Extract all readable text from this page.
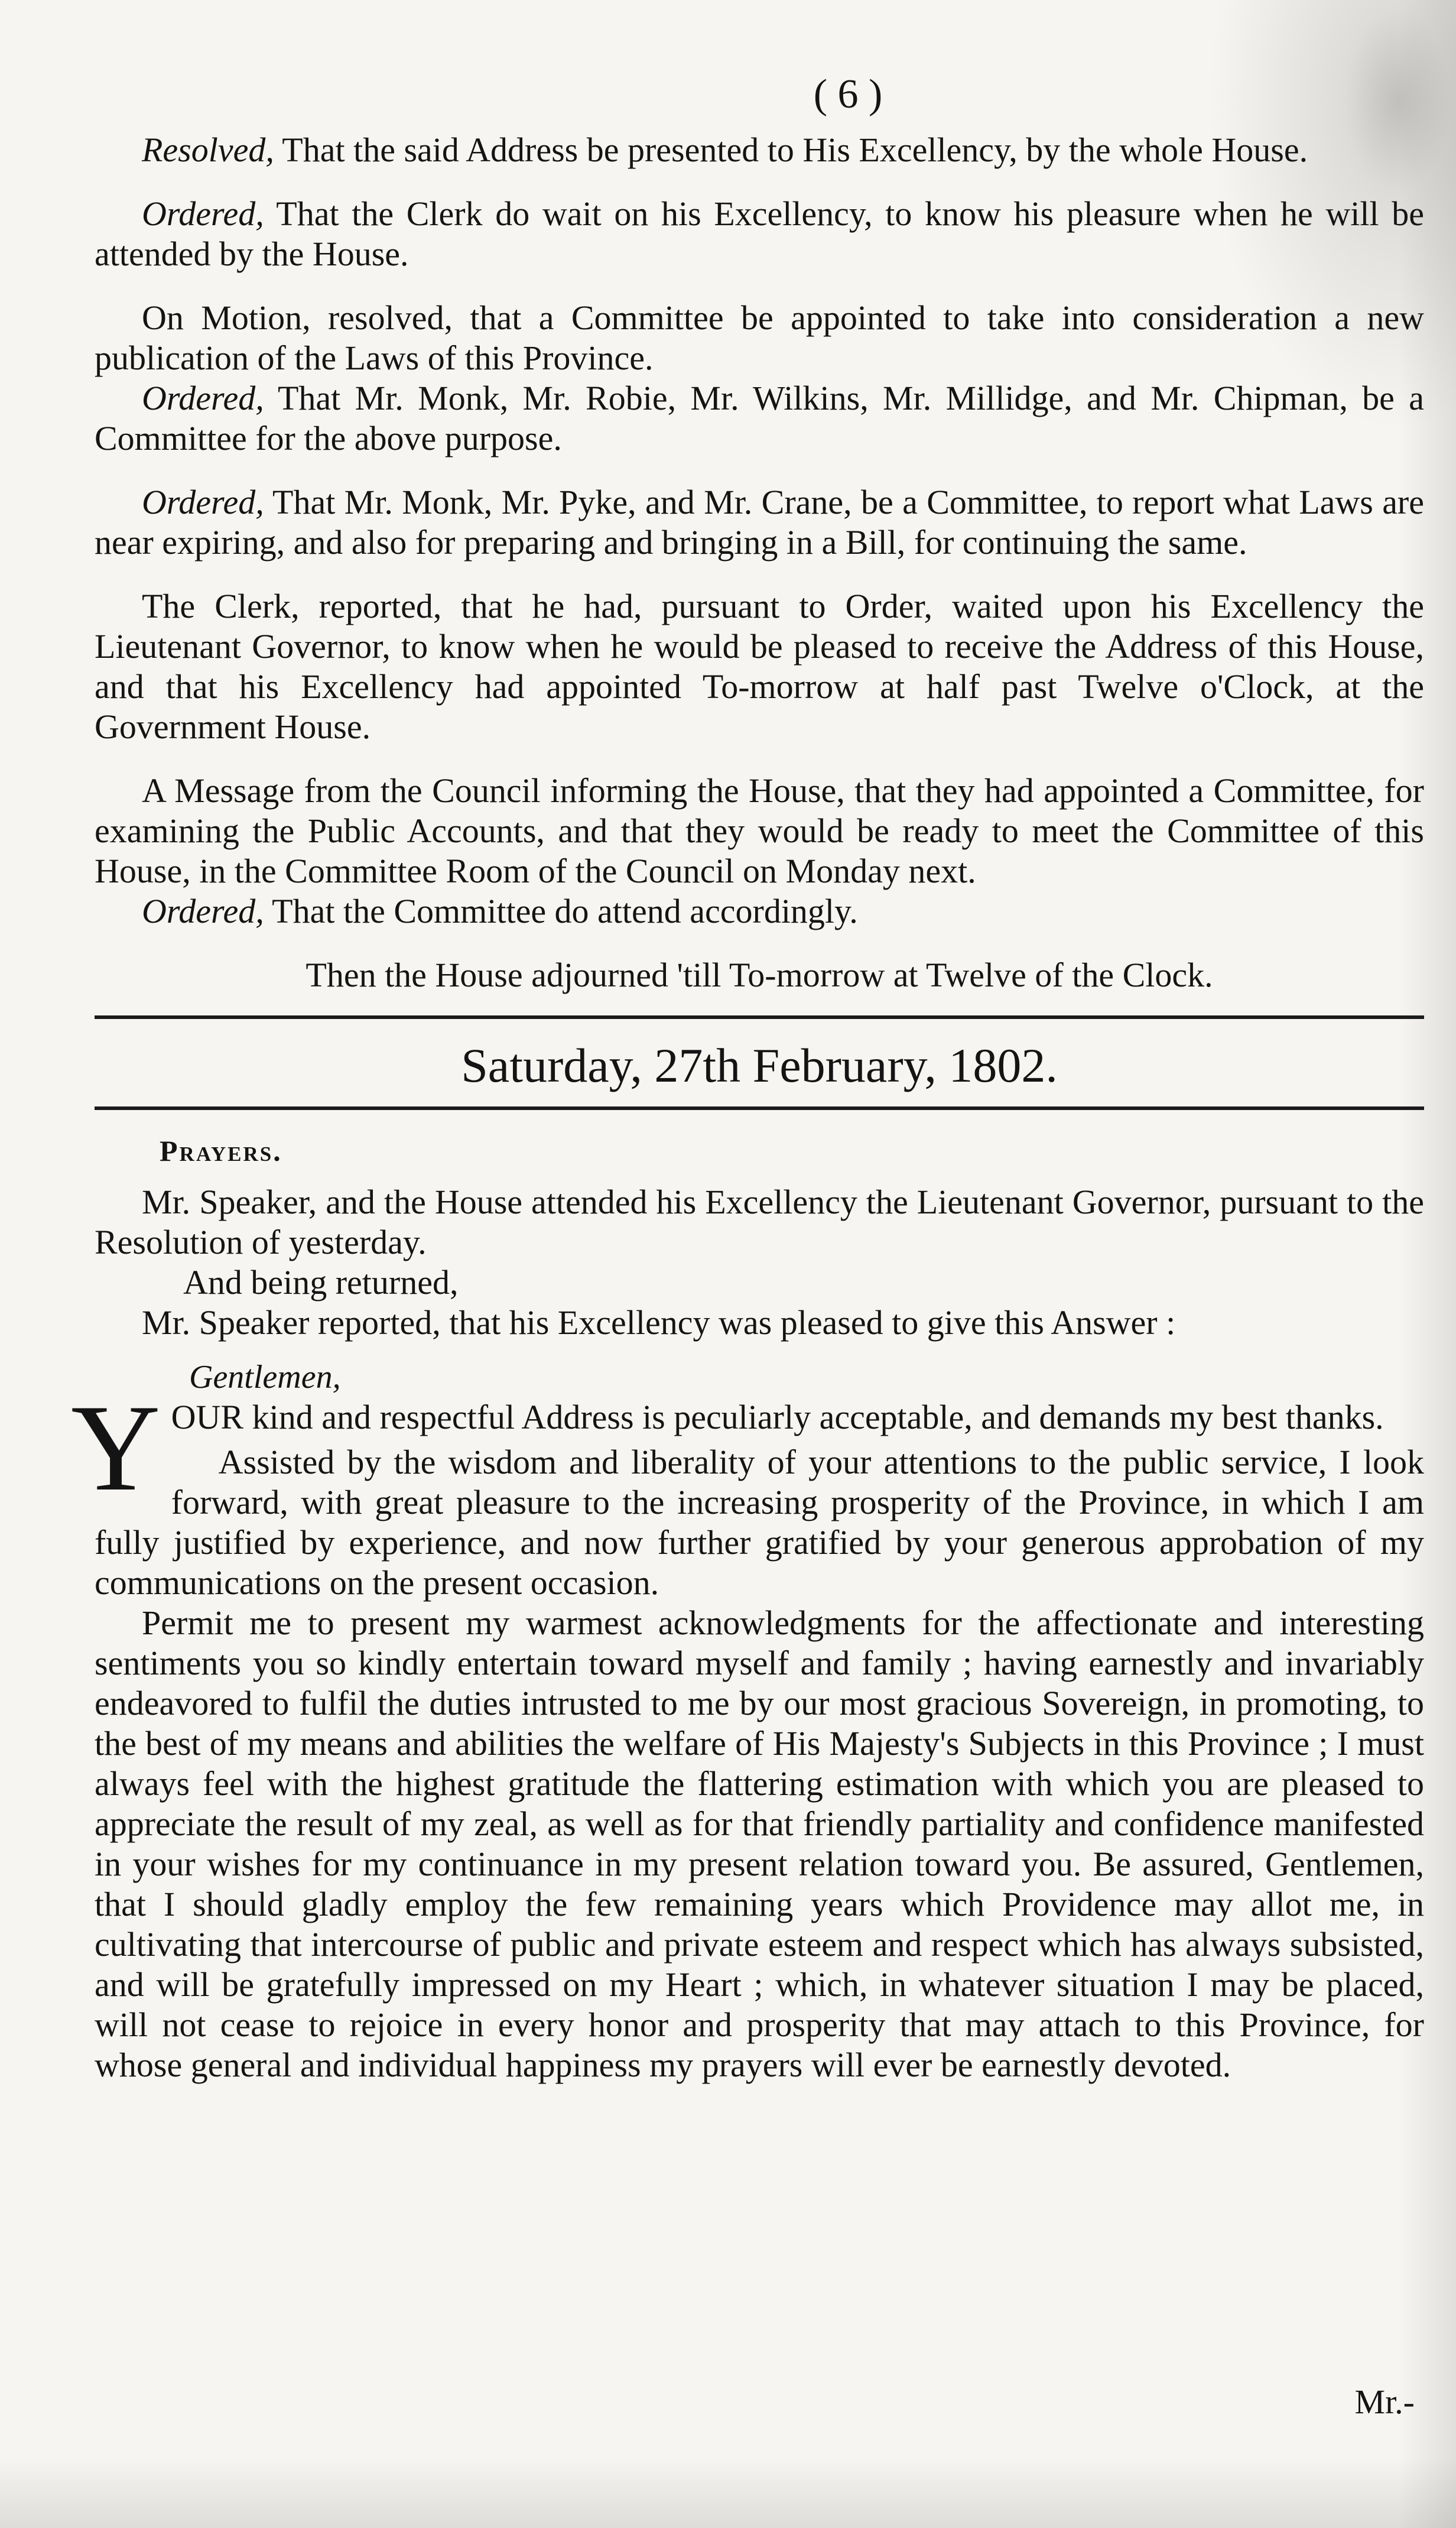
( 6 )

Resolved, That the said Address be presented to His Excellency, by the whole House.

Ordered, That the Clerk do wait on his Excellency, to know his pleasure when he will be attended by the House.

On Motion, resolved, that a Committee be appointed to take into consideration a new publication of the Laws of this Province.

Ordered, That Mr. Monk, Mr. Robie, Mr. Wilkins, Mr. Millidge, and Mr. Chipman, be a Committee for the above purpose.

Ordered, That Mr. Monk, Mr. Pyke, and Mr. Crane, be a Committee, to report what Laws are near expiring, and also for preparing and bringing in a Bill, for continuing the same.

The Clerk, reported, that he had, pursuant to Order, waited upon his Excellency the Lieutenant Governor, to know when he would be pleased to receive the Address of this House, and that his Excellency had appointed To-morrow at half past Twelve o'Clock, at the Government House.

A Message from the Council informing the House, that they had appointed a Committee, for examining the Public Accounts, and that they would be ready to meet the Committee of this House, in the Committee Room of the Council on Monday next.

Ordered, That the Committee do attend accordingly.

Then the House adjourned 'till To-morrow at Twelve of the Clock.
Saturday, 27th February, 1802.
Prayers.

Mr. Speaker, and the House attended his Excellency the Lieutenant Governor, pursuant to the Resolution of yesterday.

And being returned,

Mr. Speaker reported, that his Excellency was pleased to give this Answer :

Gentlemen,

YOUR kind and respectful Address is peculiarly acceptable, and demands my best thanks.

Assisted by the wisdom and liberality of your attentions to the public service, I look forward, with great pleasure to the increasing prosperity of the Province, in which I am fully justified by experience, and now further gratified by your generous approbation of my communications on the present occasion.

Permit me to present my warmest acknowledgments for the affectionate and interesting sentiments you so kindly entertain toward myself and family ; having earnestly and invariably endeavored to fulfil the duties intrusted to me by our most gracious Sovereign, in promoting, to the best of my means and abilities the welfare of His Majesty's Subjects in this Province ; I must always feel with the highest gratitude the flattering estimation with which you are pleased to appreciate the result of my zeal, as well as for that friendly partiality and confidence manifested in your wishes for my continuance in my present relation toward you. Be assured, Gentlemen, that I should gladly employ the few remaining years which Providence may allot me, in cultivating that intercourse of public and private esteem and respect which has always subsisted, and will be gratefully impressed on my Heart ; which, in whatever situation I may be placed, will not cease to rejoice in every honor and prosperity that may attach to this Province, for whose general and individual happiness my prayers will ever be earnestly devoted.

Mr.-
